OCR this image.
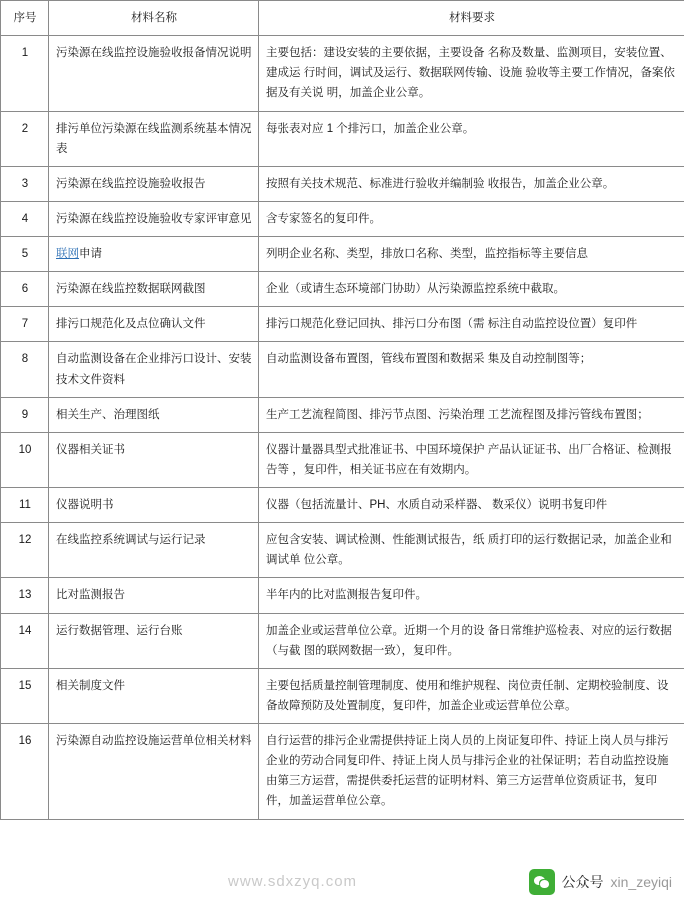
序号	材料名称	材料要求
1	污染源在线监控设施验收报备情况说明	主要包括：建设安装的主要依据，主要设备 名称及数量、监测项目，安装位置、建成运 行时间，调试及运行、数据联网传输、设施 验收等主要工作情况，备案依据及有关说 明，加盖企业公章。
2	排污单位污染源在线监测系统基本情况表	每张表对应 1 个排污口，加盖企业公章。
3	污染源在线监控设施验收报告	按照有关技术规范、标准进行验收并编制验 收报告，加盖企业公章。
4	污染源在线监控设施验收专家评审意见	含专家签名的复印件。
5	联网申请	列明企业名称、类型，排放口名称、类型，监控指标等主要信息
6	污染源在线监控数据联网截图	企业（或请生态环境部门协助）从污染源监控系统中截取。
7	排污口规范化及点位确认文件	排污口规范化登记回执、排污口分布图（需 标注自动监控设位置）复印件
8	自动监测设备在企业排污口设计、安装技术文件资料	自动监测设备布置图，管线布置图和数据采 集及自动控制图等；
9	相关生产、治理图纸	生产工艺流程简图、排污节点图、污染治理 工艺流程图及排污管线布置图；
10	仪器相关证书	仪器计量器具型式批准证书、中国环境保护 产品认证证书、出厂合格证、检测报告等 ，复印件，相关证书应在有效期内。
11	仪器说明书	仪器（包括流量计、PH、水质自动采样器、 数采仪）说明书复印件
12	在线监控系统调试与运行记录	应包含安装、调试检测、性能测试报告，纸 质打印的运行数据记录，加盖企业和调试单 位公章。
13	比对监测报告	半年内的比对监测报告复印件。
14	运行数据管理、运行台账	加盖企业或运营单位公章。近期一个月的设 备日常维护巡检表、对应的运行数据（与截 图的联网数据一致），复印件。
15	相关制度文件	主要包括质量控制管理制度、使用和维护规程、岗位责任制、定期校验制度、设备故障预防及处置制度，复印件，加盖企业或运营单位公章。
16	污染源自动监控设施运营单位相关材料	自行运营的排污企业需提供持证上岗人员的上岗证复印件、持证上岗人员与排污企业的劳动合同复印件、持证上岗人员与排污企业的社保证明；若自动监控设施由第三方运营，需提供委托运营的证明材料、第三方运营单位资质证书，复印件，加盖运营单位公章。
www.sdxzyq.com	公众号 xin_zeyiqi
